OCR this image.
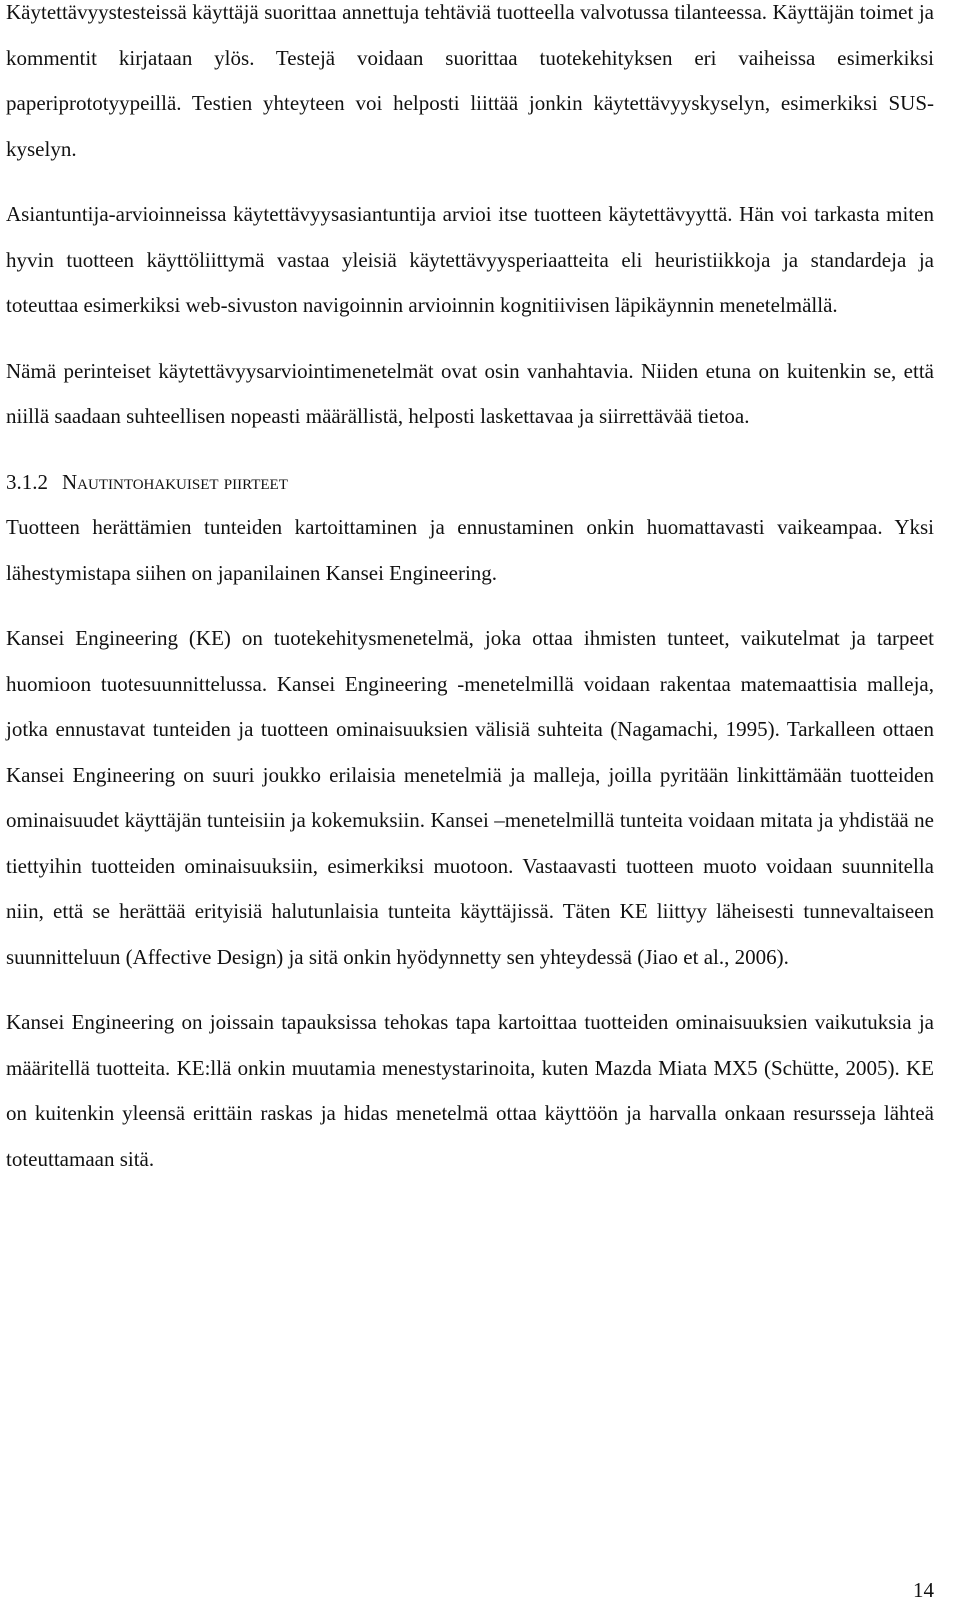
Käytettävyystesteissä käyttäjä suorittaa annettuja tehtäviä tuotteella valvotussa tilanteessa. Käyttäjän toimet ja kommentit kirjataan ylös. Testejä voidaan suorittaa tuotekehityksen eri vaiheissa esimerkiksi paperiprototyypeillä. Testien yhteyteen voi helposti liittää jonkin käytettävyyskyselyn, esimerkiksi SUS-kyselyn.

Asiantuntija-arvioinneissa käytettävyysasiantuntija arvioi itse tuotteen käytettävyyttä. Hän voi tarkasta miten hyvin tuotteen käyttöliittymä vastaa yleisiä käytettävyysperiaatteita eli heuristiikkoja ja standardeja ja toteuttaa esimerkiksi web-sivuston navigoinnin arvioinnin kognitiivisen läpikäynnin menetelmällä.

Nämä perinteiset käytettävyysarviointimenetelmät ovat osin vanhahtavia. Niiden etuna on kuitenkin se, että niillä saadaan suhteellisen nopeasti määrällistä, helposti laskettavaa ja siirrettävää tietoa.

3.1.2 Nautintohakuiset piirteet

Tuotteen herättämien tunteiden kartoittaminen ja ennustaminen onkin huomattavasti vaikeampaa. Yksi lähestymistapa siihen on japanilainen Kansei Engineering.

Kansei Engineering (KE) on tuotekehitysmenetelmä, joka ottaa ihmisten tunteet, vaikutelmat ja tarpeet huomioon tuotesuunnittelussa. Kansei Engineering -menetelmillä voidaan rakentaa matemaattisia malleja, jotka ennustavat tunteiden ja tuotteen ominaisuuksien välisiä suhteita (Nagamachi, 1995). Tarkalleen ottaen Kansei Engineering on suuri joukko erilaisia menetelmiä ja malleja, joilla pyritään linkittämään tuotteiden ominaisuudet käyttäjän tunteisiin ja kokemuksiin. Kansei –menetelmillä tunteita voidaan mitata ja yhdistää ne tiettyihin tuotteiden ominaisuuksiin, esimerkiksi muotoon. Vastaavasti tuotteen muoto voidaan suunnitella niin, että se herättää erityisiä halutunlaisia tunteita käyttäjissä. Täten KE liittyy läheisesti tunnevaltaiseen suunnitteluun (Affective Design) ja sitä onkin hyödynnetty sen yhteydessä (Jiao et al., 2006).

Kansei Engineering on joissain tapauksissa tehokas tapa kartoittaa tuotteiden ominaisuuksien vaikutuksia ja määritellä tuotteita. KE:llä onkin muutamia menestystarinoita, kuten Mazda Miata MX5 (Schütte, 2005). KE on kuitenkin yleensä erittäin raskas ja hidas menetelmä ottaa käyttöön ja harvalla onkaan resursseja lähteä toteuttamaan sitä.

14
